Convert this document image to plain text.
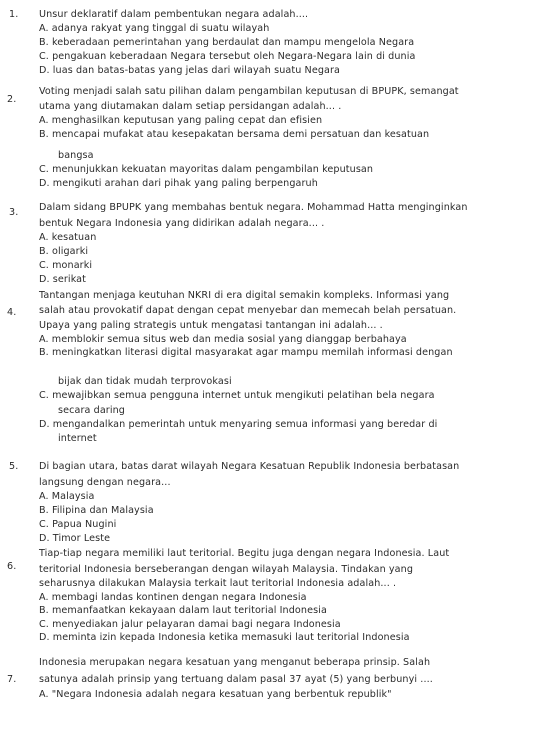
1. Unsur deklaratif dalam pembentukan negara adalah....
A. adanya rakyat yang tinggal di suatu wilayah
B. keberadaan pemerintahan yang berdaulat dan mampu mengelola Negara
C. pengakuan keberadaan Negara tersebut oleh Negara-Negara lain di dunia
D. luas dan batas-batas yang jelas dari wilayah suatu Negara
2.
Voting menjadi salah satu pilihan dalam pengambilan keputusan di BPUPK, semangat
utama yang diutamakan dalam setiap persidangan adalah... .
A. menghasilkan keputusan yang paling cepat dan efisien
B. mencapai mufakat atau kesepakatan bersama demi persatuan dan kesatuan
bangsa
C. menunjukkan kekuatan mayoritas dalam pengambilan keputusan
D. mengikuti arahan dari pihak yang paling berpengaruh
3. Dalam sidang BPUPK yang membahas bentuk negara. Mohammad Hatta menginginkan
bentuk Negara Indonesia yang didirikan adalah negara... .
A. kesatuan
B. oligarki
C. monarki
D. serikat
4.
Tantangan menjaga keutuhan NKRI di era digital semakin kompleks. Informasi yang
salah atau provokatif dapat dengan cepat menyebar dan memecah belah persatuan.
Upaya yang paling strategis untuk mengatasi tantangan ini adalah... .
A. memblokir semua situs web dan media sosial yang dianggap berbahaya
B. meningkatkan literasi digital masyarakat agar mampu memilah informasi dengan
bijak dan tidak mudah terprovokasi
C. mewajibkan semua pengguna internet untuk mengikuti pelatihan bela negara
secara daring
D. mengandalkan pemerintah untuk menyaring semua informasi yang beredar di
internet
5. Di bagian utara, batas darat wilayah Negara Kesatuan Republik Indonesia berbatasan
langsung dengan negara...
A. Malaysia
B. Filipina dan Malaysia
C. Papua Nugini
D. Timor Leste
6.
Tiap-tiap negara memiliki laut teritorial. Begitu juga dengan negara Indonesia. Laut
teritorial Indonesia berseberangan dengan wilayah Malaysia. Tindakan yang
seharusnya dilakukan Malaysia terkait laut teritorial Indonesia adalah... .
A. membagi landas kontinen dengan negara Indonesia
B. memanfaatkan kekayaan dalam laut teritorial Indonesia
C. menyediakan jalur pelayaran damai bagi negara Indonesia
D. meminta izin kepada Indonesia ketika memasuki laut teritorial Indonesia
7.
Indonesia merupakan negara kesatuan yang menganut beberapa prinsip. Salah
satunya adalah prinsip yang tertuang dalam pasal 37 ayat (5) yang berbunyi ....
A. "Negara Indonesia adalah negara kesatuan yang berbentuk republik"
